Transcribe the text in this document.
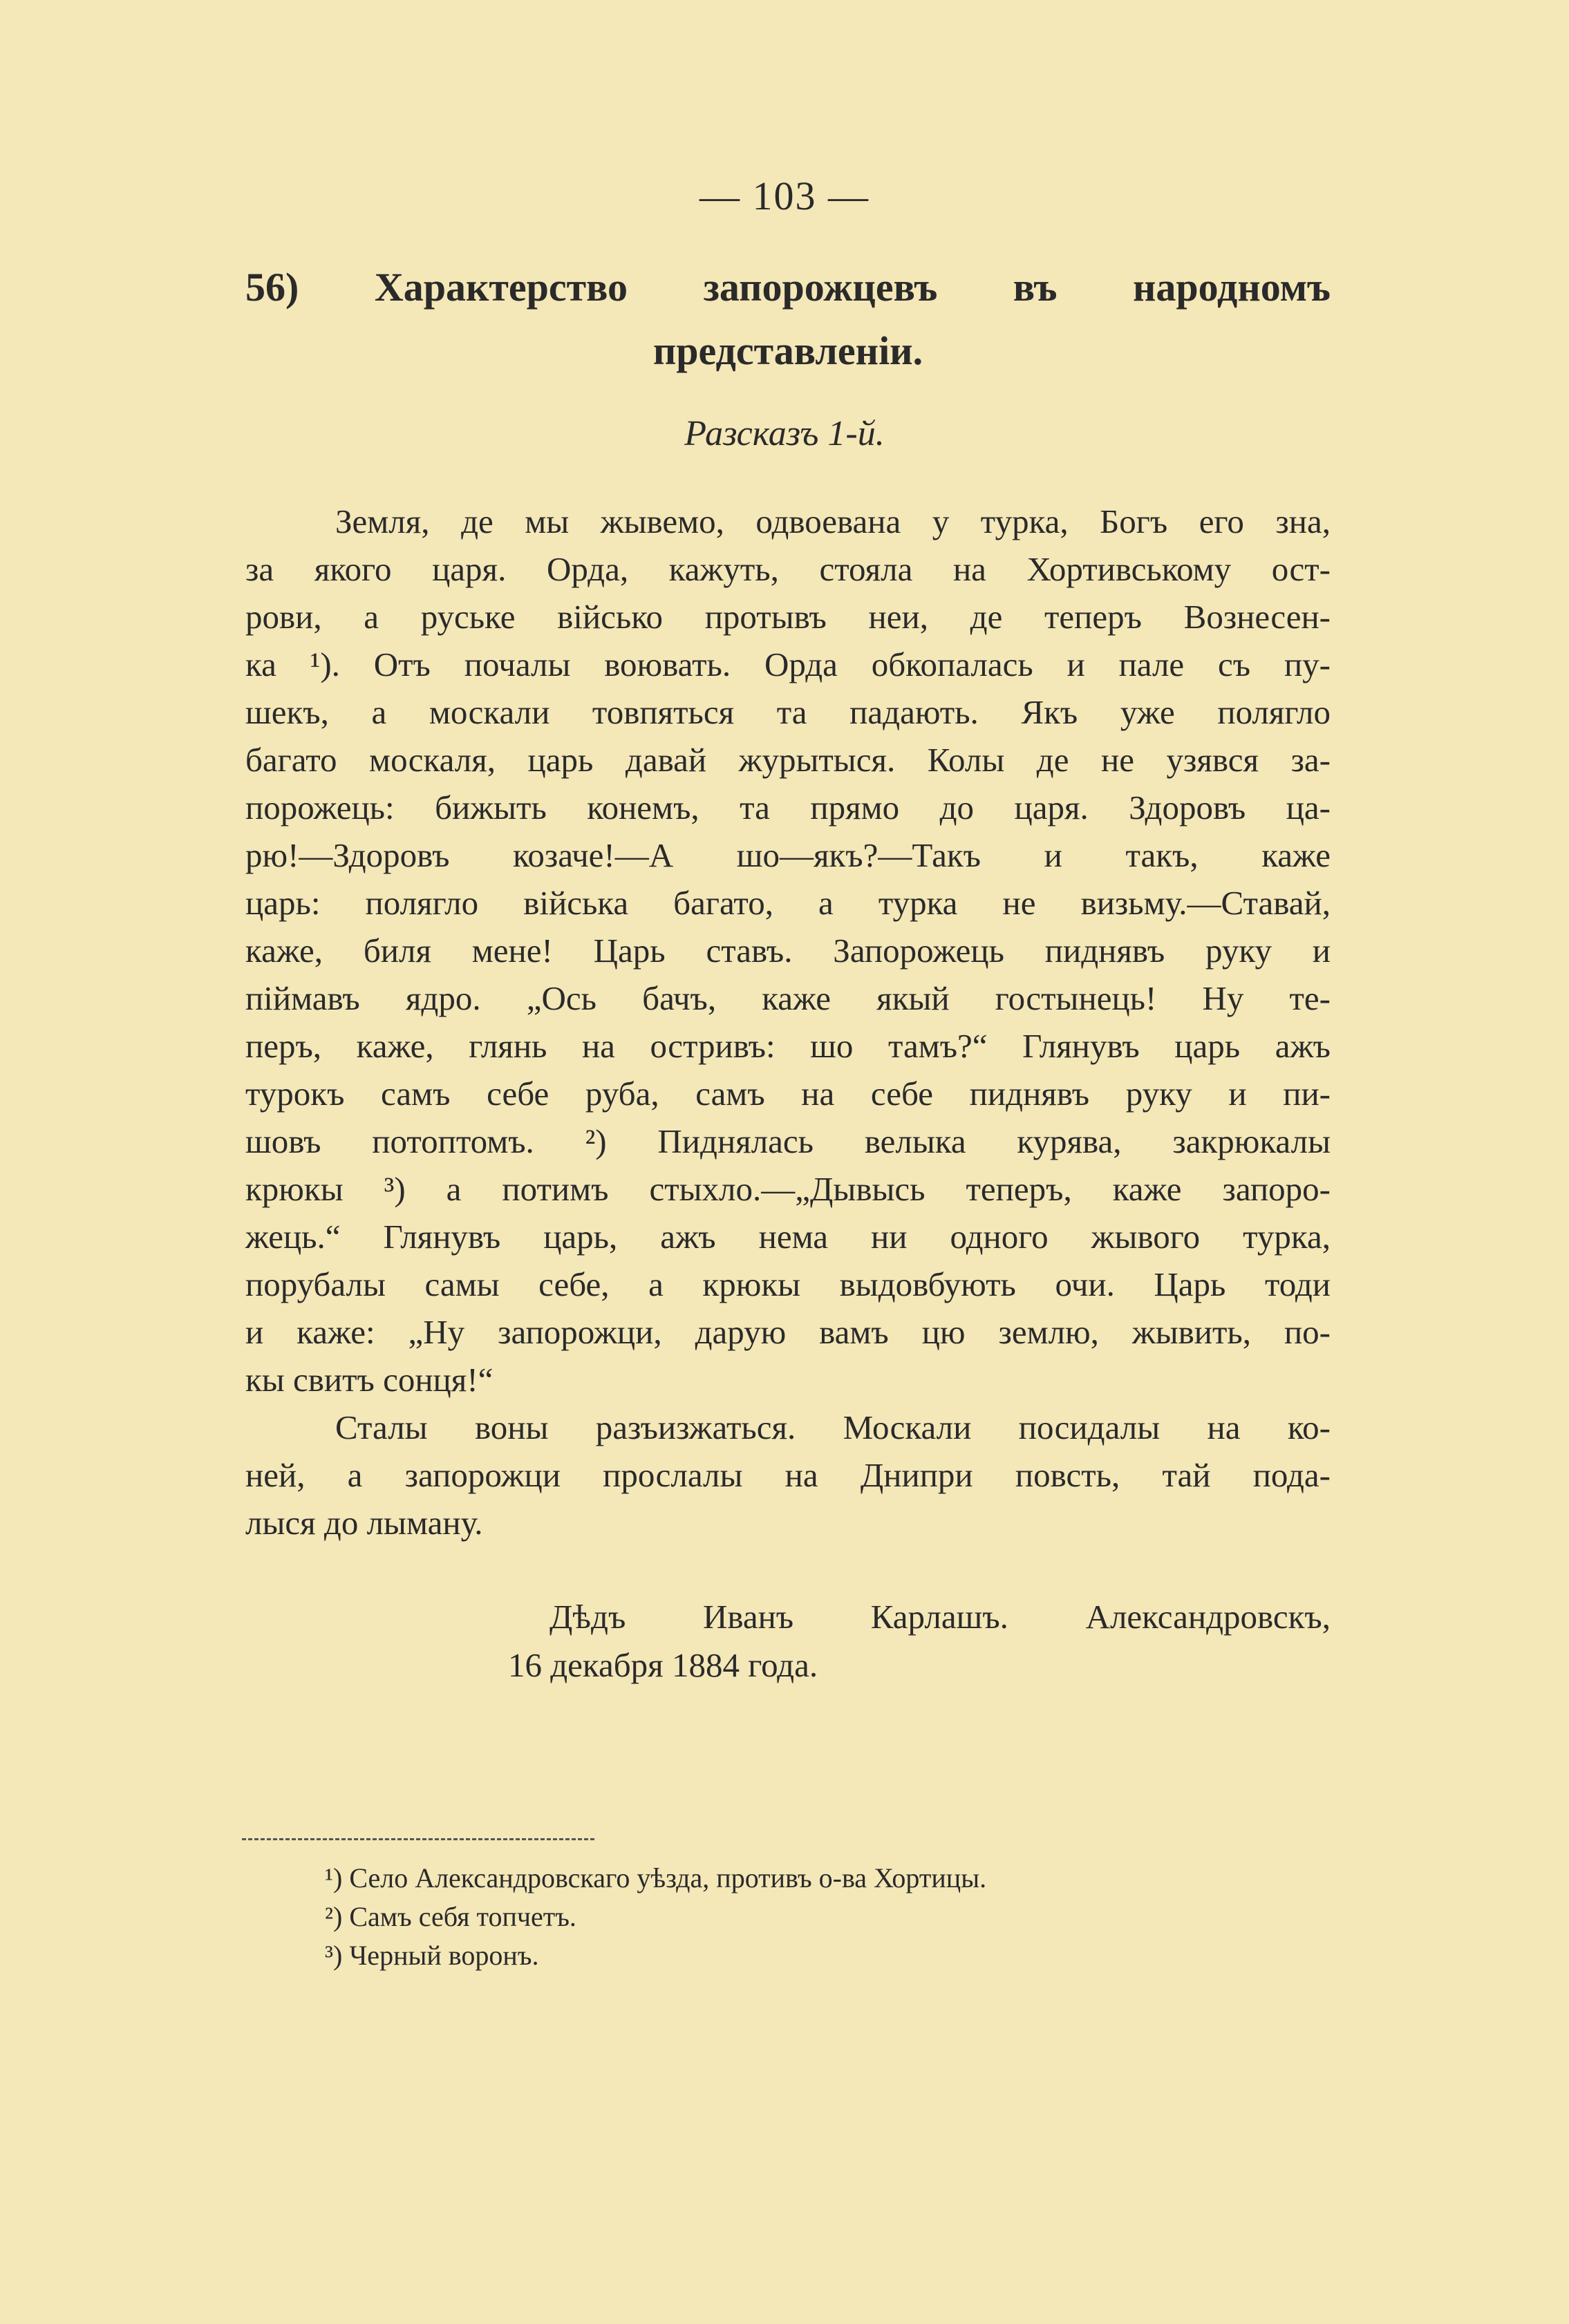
— 103 —
56) Характерство запорожцевъ въ народномъ представленіи.
Разсказъ 1-й.
Земля, де мы жывемо, одвоевана у турка, Богъ его зна,
за якого царя. Орда, кажуть, стояла на Хортивському ост-
рови, а руське військо протывъ неи, де теперъ Вознесен-
ка ¹). Отъ почалы воювать. Орда обкопалась и пале съ пу-
шекъ, а москали товпяться та падають. Якъ уже полягло
багато москаля, царь давай журытыся. Колы де не узявся за-
порожець: бижыть конемъ, та прямо до царя. Здоровъ ца-
рю!—Здоровъ козаче!—А шо—якъ?—Такъ и такъ, каже
царь: полягло війська багато, а турка не визьму.—Ставай,
каже, биля мене! Царь ставъ. Запорожець пиднявъ руку и
піймавъ ядро. „Ось бачъ, каже якый гостынець! Ну те-
перъ, каже, глянь на остривъ: шо тамъ?“ Глянувъ царь ажъ
турокъ самъ себе руба, самъ на себе пиднявъ руку и пи-
шовъ потоптомъ. ²) Пиднялась велыка курява, закрюкалы
крюкы ³) а потимъ стыхло.—„Дывысь теперъ, каже запоро-
жець.“ Глянувъ царь, ажъ нема ни одного жывого турка,
порубалы самы себе, а крюкы выдовбують очи. Царь тоди
и каже: „Ну запорожци, дарую вамъ цю землю, жывить, по-
кы свитъ сонця!“
Сталы воны разъизжаться. Москали посидалы на ко-
ней, а запорожци прослалы на Днипри повсть, тай пода-
лыся до лыману.
Дѣдъ Иванъ Карлашъ. Александровскъ,
16 декабря 1884 года.
¹) Село Александровскаго уѣзда, противъ о-ва Хортицы.
²) Самъ себя топчетъ.
³) Черный воронъ.
